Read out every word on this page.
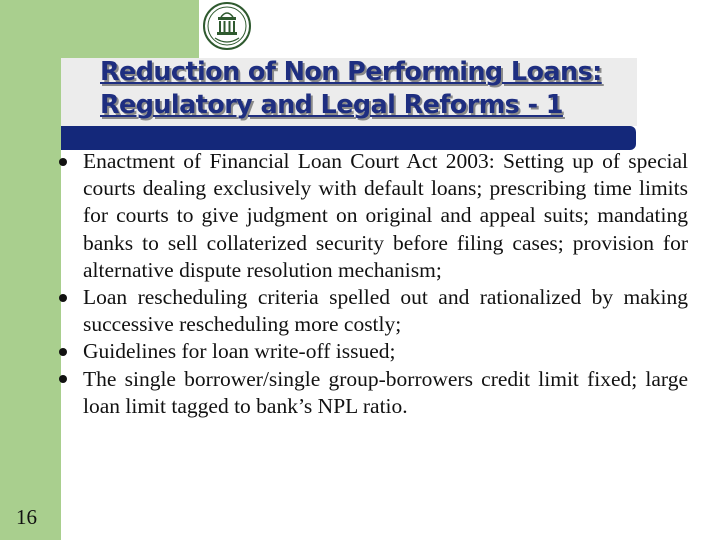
Reduction of Non Performing Loans:
Regulatory and Legal Reforms - 1
Enactment of Financial Loan Court Act 2003: Setting up of special courts dealing exclusively with default loans; prescribing time limits for courts to give judgment on original and appeal suits; mandating banks to sell collaterized security before filing cases; provision for alternative dispute resolution mechanism;
Loan rescheduling criteria spelled out and rationalized by making successive rescheduling more costly;
Guidelines for loan write-off issued;
The single borrower/single group-borrowers credit limit fixed; large loan limit tagged to bank’s NPL ratio.
16
